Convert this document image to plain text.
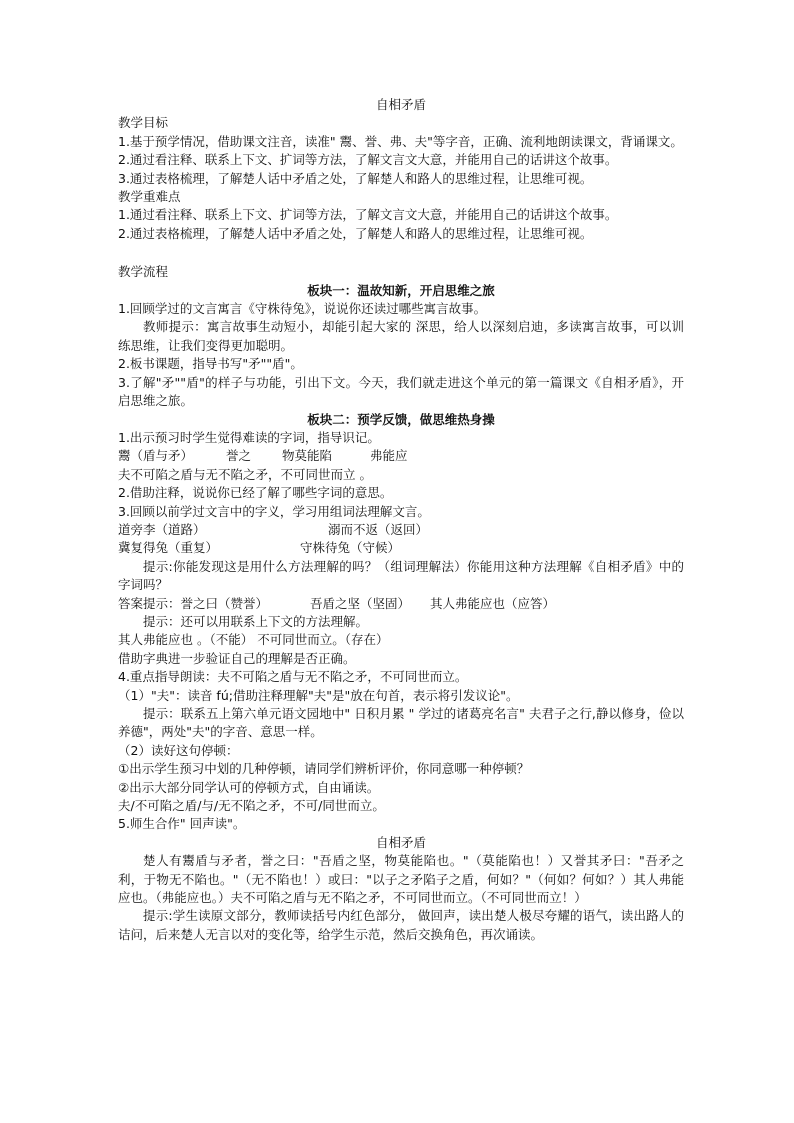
自相矛盾
教学目标
1.基于预学情况，借助课文注音，读准" 鬻、誉、弗、夫"等字音，正确、流利地朗读课文，背诵课文。
2.通过看注释、联系上下文、扩词等方法，了解文言文大意，并能用自己的话讲这个故事。
3.通过表格梳理，了解楚人话中矛盾之处，了解楚人和路人的思维过程，让思维可视。
教学重难点
1.通过看注释、联系上下文、扩词等方法，了解文言文大意，并能用自己的话讲这个故事。
2.通过表格梳理，了解楚人话中矛盾之处，了解楚人和路人的思维过程，让思维可视。
教学流程
板块一：温故知新，开启思维之旅
1.回顾学过的文言寓言《守株待兔》，说说你还读过哪些寓言故事。
教师提示：寓言故事生动短小，却能引起大家的 深思，给人以深刻启迪，多读寓言故事，可以训练思维，让我们变得更加聪明。
2.板书课题，指导书写"矛""盾"。
3.了解"矛""盾"的样子与功能，引出下文。今天，我们就走进这个单元的第一篇课文《自相矛盾》，开启思维之旅。
板块二：预学反馈，做思维热身操
1.出示预习时学生觉得难读的字词，指导识记。
鬻（盾与矛）	誉之 物莫能陷	弗能应
夫不可陷之盾与无不陷之矛，不可同世而立 。
2.借助注释，说说你已经了解了哪些字词的意思。
3.回顾以前学过文言中的字义，学习用组词法理解文言。
道旁李（道路）	溺而不返（返回）
冀复得兔（重复）	守株待兔（守候）
提示:你能发现这是用什么方法理解的吗？（组词理解法）你能用这种方法理解《自相矛盾》中的字词吗？
答案提示：誉之曰（赞誉）	吾盾之坚（坚固） 其人弗能应也（应答）
提示：还可以用联系上下文的方法理解。
其人弗能应也 。（不能） 不可同世而立。（存在）
借助字典进一步验证自己的理解是否正确。
4.重点指导朗读：夫不可陷之盾与无不陷之矛，不可同世而立。
（1）"夫"：读音 fú;借助注释理解"夫"是"放在句首，表示将引发议论"。
提示：联系五上第六单元语文园地中" 日积月累 " 学过的诸葛亮名言" 夫君子之行,静以修身，俭以养德"，两处"夫"的字音、意思一样。
（2）读好这句停顿：
①出示学生预习中划的几种停顿，请同学们辨析评价，你同意哪一种停顿？
②出示大部分同学认可的停顿方式，自由诵读。
夫/不可陷之盾/与/无不陷之矛，不可/同世而立。
5.师生合作" 回声读"。
自相矛盾
楚人有鬻盾与矛者，誉之曰："吾盾之坚，物莫能陷也。"（莫能陷也！）又誉其矛曰："吾矛之利，于物无不陷也。"（无不陷也！）或曰："以子之矛陷子之盾，何如？"（何如？何如？）其人弗能应也。（弗能应也。）夫不可陷之盾与无不陷之矛，不可同世而立。（不可同世而立！）
提示:学生读原文部分，教师读括号内红色部分， 做回声，读出楚人极尽夸耀的语气，读出路人的诘问，后来楚人无言以对的变化等，给学生示范，然后交换角色，再次诵读。
